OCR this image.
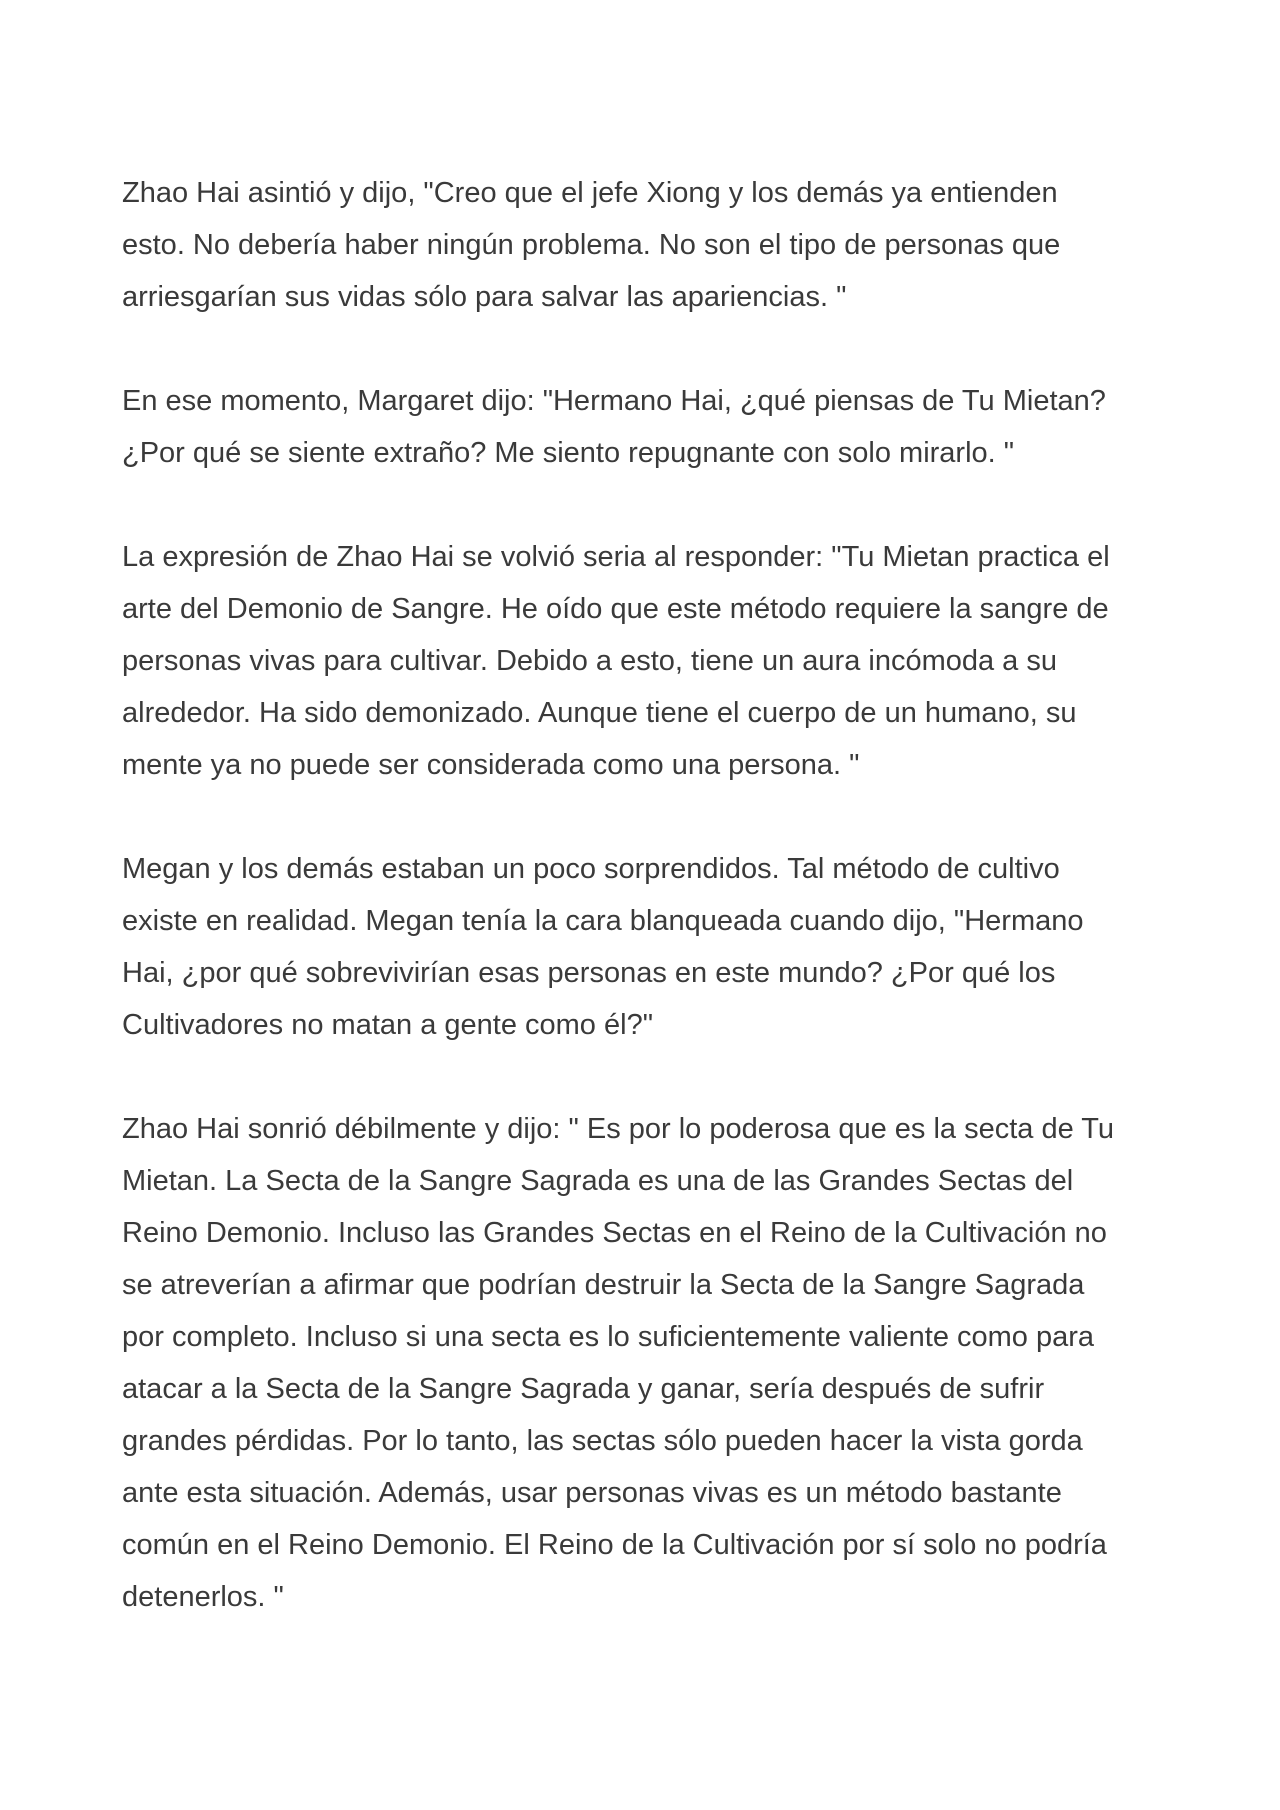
Zhao Hai asintió y dijo, "Creo que el jefe Xiong y los demás ya entienden
esto. No debería haber ningún problema. No son el tipo de personas que
arriesgarían sus vidas sólo para salvar las apariencias. "

En ese momento, Margaret dijo: "Hermano Hai, ¿qué piensas de Tu Mietan?
¿Por qué se siente extraño? Me siento repugnante con solo mirarlo. "

La expresión de Zhao Hai se volvió seria al responder: "Tu Mietan practica el
arte del Demonio de Sangre. He oído que este método requiere la sangre de
personas vivas para cultivar. Debido a esto, tiene un aura incómoda a su
alrededor. Ha sido demonizado. Aunque tiene el cuerpo de un humano, su
mente ya no puede ser considerada como una persona. "

Megan y los demás estaban un poco sorprendidos. Tal método de cultivo
existe en realidad. Megan tenía la cara blanqueada cuando dijo, "Hermano
Hai, ¿por qué sobrevivirían esas personas en este mundo? ¿Por qué los
Cultivadores no matan a gente como él?"

Zhao Hai sonrió débilmente y dijo: " Es por lo poderosa que es la secta de Tu
Mietan. La Secta de la Sangre Sagrada es una de las Grandes Sectas del
Reino Demonio. Incluso las Grandes Sectas en el Reino de la Cultivación no
se atreverían a afirmar que podrían destruir la Secta de la Sangre Sagrada
por completo. Incluso si una secta es lo suficientemente valiente como para
atacar a la Secta de la Sangre Sagrada y ganar, sería después de sufrir
grandes pérdidas. Por lo tanto, las sectas sólo pueden hacer la vista gorda
ante esta situación. Además, usar personas vivas es un método bastante
común en el Reino Demonio. El Reino de la Cultivación por sí solo no podría
detenerlos. "
